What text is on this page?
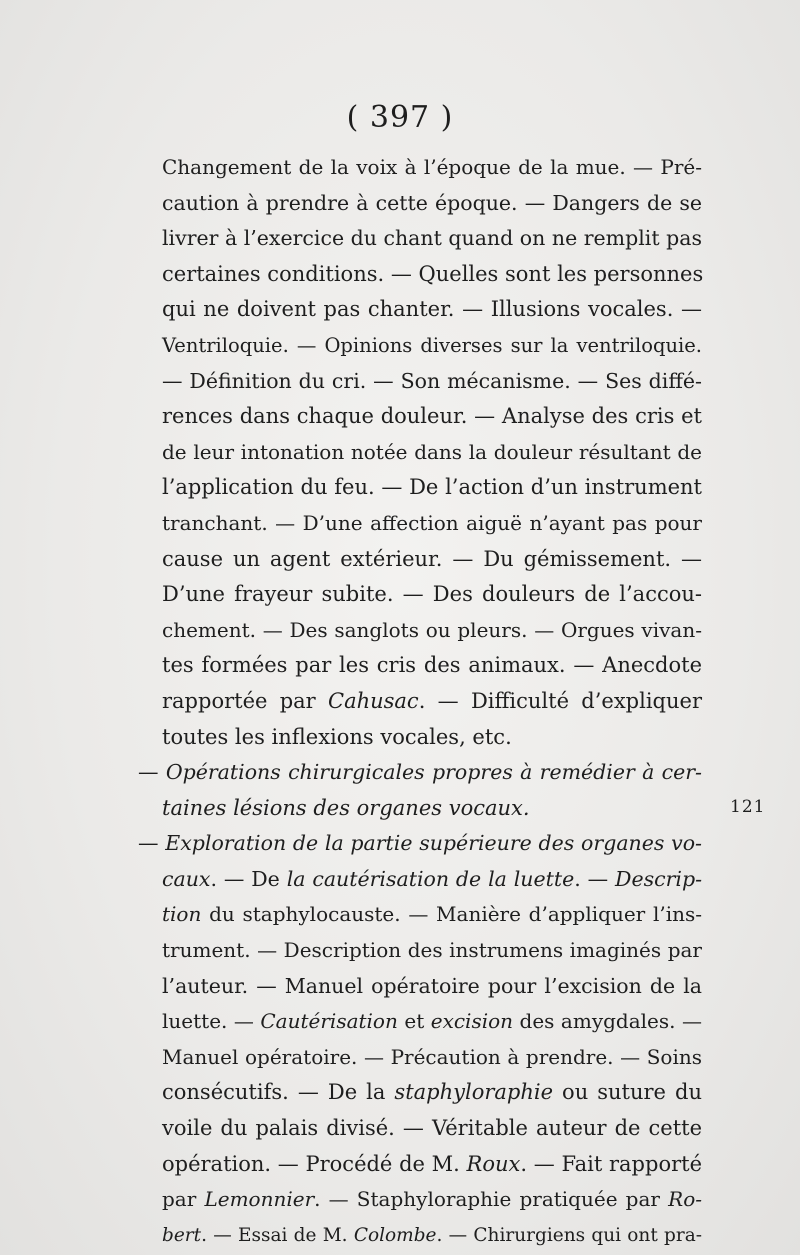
( 397 )
Changement de la voix à l’époque de la mue. — Pré-
caution à prendre à cette époque. — Dangers de se
livrer à l’exercice du chant quand on ne remplit pas
certaines conditions. — Quelles sont les personnes
qui ne doivent pas chanter. — Illusions vocales. —
Ventriloquie. — Opinions diverses sur la ventriloquie.
— Définition du cri. — Son mécanisme. — Ses diffé-
rences dans chaque douleur. — Analyse des cris et
de leur intonation notée dans la douleur résultant de
l’application du feu. — De l’action d’un instrument
tranchant. — D’une affection aiguë n’ayant pas pour
cause un agent extérieur. — Du gémissement. —
D’une frayeur subite. — Des douleurs de l’accou-
chement. — Des sanglots ou pleurs. — Orgues vivan-
tes formées par les cris des animaux. — Anecdote
rapportée par Cahusac. — Difficulté d’expliquer
toutes les inflexions vocales, etc.
— Opérations chirurgicales propres à remédier à cer-
taines lésions des organes vocaux.
— Exploration de la partie supérieure des organes vo-
caux. — De la cautérisation de la luette. — Descrip-
tion du staphylocauste. — Manière d’appliquer l’ins-
trument. — Description des instrumens imaginés par
l’auteur. — Manuel opératoire pour l’excision de la
luette. — Cautérisation et excision des amygdales. —
Manuel opératoire. — Précaution à prendre. — Soins
consécutifs. — De la staphyloraphie ou suture du
voile du palais divisé. — Véritable auteur de cette
opération. — Procédé de M. Roux. — Fait rapporté
par Lemonnier. — Staphyloraphie pratiquée par Ro-
bert. — Essai de M. Colombe. — Chirurgiens qui ont pra-
121
